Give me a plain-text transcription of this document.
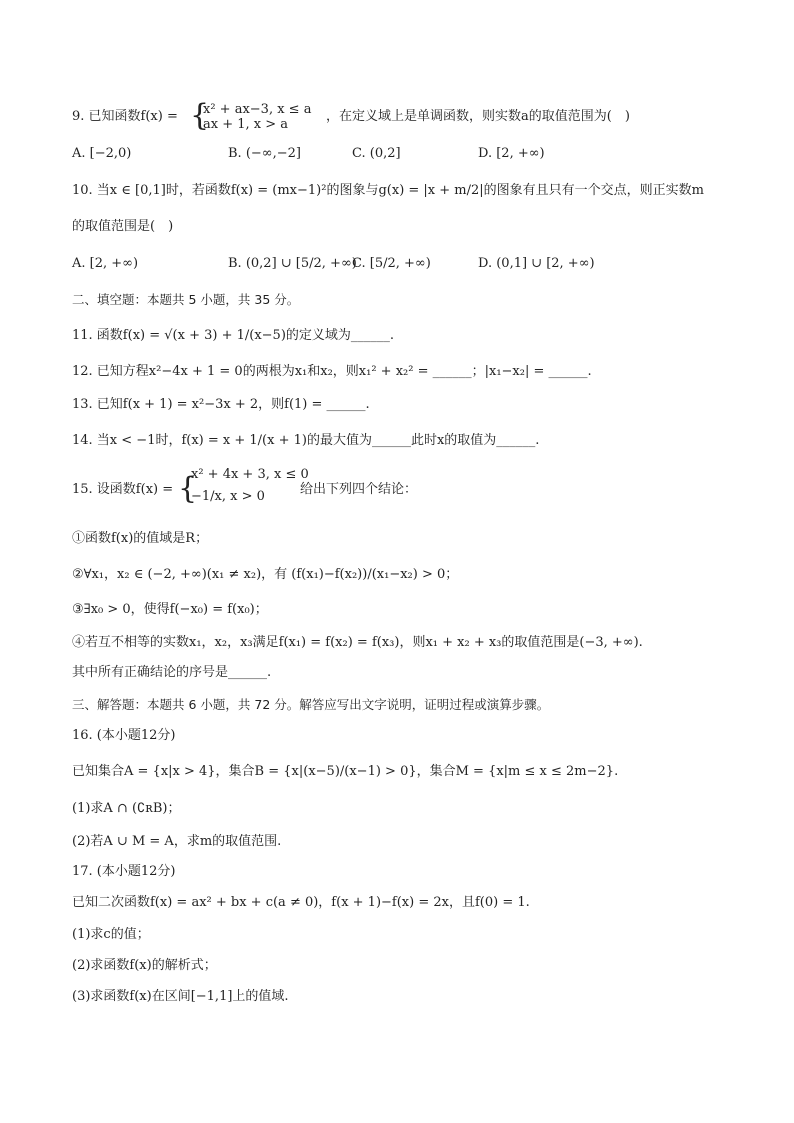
9. 已知函数f(x) = {
x² + ax−3, x ≤ a
ax + 1, x > a
，在定义域上是单调函数，则实数a的取值范围为(　)
A. [−2,0)	B. (−∞,−2]	C. (0,2]	D. [2, +∞)
10. 当x ∈ [0,1]时，若函数f(x) = (mx−1)²的图象与g(x) = |x + m/2|的图象有且只有一个交点，则正实数m
的取值范围是(　)
A. [2, +∞)	B. (0,2] ∪ [5/2, +∞)
C. [5/2, +∞)	D. (0,1] ∪ [2, +∞)
二、填空题：本题共 5 小题，共 35 分。
11. 函数f(x) = √(x + 3) + 1/(x−5)的定义域为______.
12. 已知方程x²−4x + 1 = 0的两根为x₁和x₂，则x₁² + x₂² = ______；|x₁−x₂| = ______.
13. 已知f(x + 1) = x²−3x + 2，则f(1) = ______.
14. 当x < −1时，f(x) = x + 1/(x + 1)的最大值为______此时x的取值为______.
15. 设函数f(x) = {
x² + 4x + 3, x ≤ 0
−1/x, x > 0	给出下列四个结论：
①函数f(x)的值域是R；
②∀x₁，x₂ ∈ (−2, +∞)(x₁ ≠ x₂)，有 (f(x₁)−f(x₂))/(x₁−x₂) > 0；
③∃x₀ > 0，使得f(−x₀) = f(x₀)；
④若互不相等的实数x₁，x₂，x₃满足f(x₁) = f(x₂) = f(x₃)，则x₁ + x₂ + x₃的取值范围是(−3, +∞).
其中所有正确结论的序号是______.
三、解答题：本题共 6 小题，共 72 分。解答应写出文字说明，证明过程或演算步骤。
16. (本小题12分)
已知集合A = {x|x > 4}，集合B = {x|(x−5)/(x−1) > 0}，集合M = {x|m ≤ x ≤ 2m−2}.
(1)求A ∩ (∁ʀB)；
(2)若A ∪ M = A，求m的取值范围.
17. (本小题12分)
已知二次函数f(x) = ax² + bx + c(a ≠ 0)，f(x + 1)−f(x) = 2x，且f(0) = 1.
(1)求c的值；
(2)求函数f(x)的解析式；
(3)求函数f(x)在区间[−1,1]上的值域.
